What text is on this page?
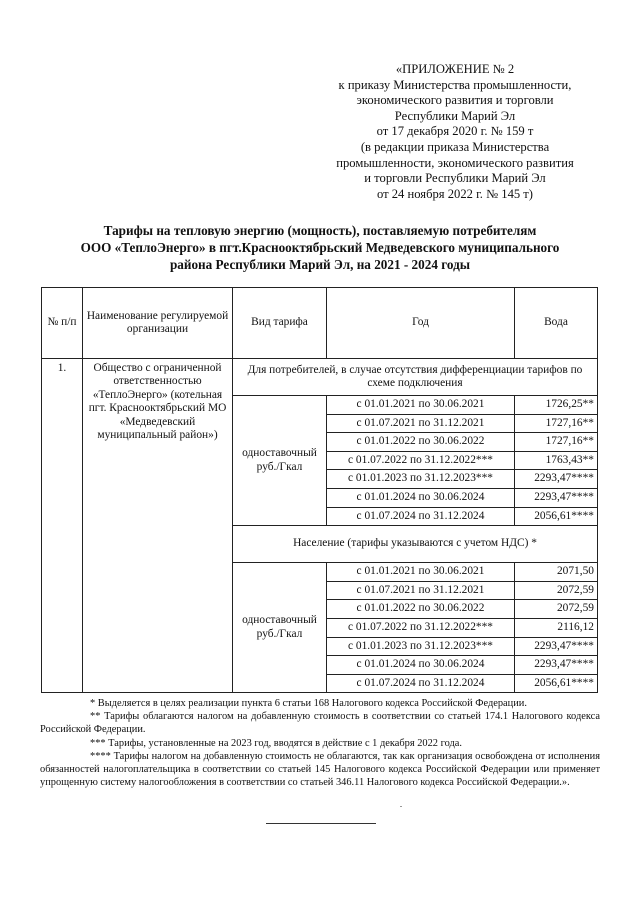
«ПРИЛОЖЕНИЕ № 2
к приказу Министерства промышленности,
экономического развития и торговли
Республики Марий Эл
от 17 декабря 2020 г. № 159 т
(в редакции приказа Министерства
промышленности, экономического развития
и торговли Республики Марий Эл
от 24 ноября 2022 г. № 145 т)
Тарифы на тепловую энергию (мощность), поставляемую потребителям
ООО «ТеплоЭнерго» в пгт.Красноoктябрьский Медведевского муниципального
района Республики Марий Эл, на 2021 - 2024 годы
№ п/п	Наименование регулируемой организации	Вид тарифа	Год	Вода
1.	Общество с ограниченной ответственностью «ТеплоЭнерго» (котельная пгт. Красноoктябрьский МО «Медведевский муниципальный район»)	Для потребителей, в случае отсутствия дифференциации тарифов по схеме подключения		
		одноставочный руб./Гкал	с 01.01.2021 по 30.06.2021	1726,25**
			с 01.07.2021 по 31.12.2021	1727,16**
			с 01.01.2022 по 30.06.2022	1727,16**
			с 01.07.2022 по 31.12.2022***	1763,43**
			с 01.01.2023 по 31.12.2023***	2293,47****
			с 01.01.2024 по 30.06.2024	2293,47****
			с 01.07.2024 по 31.12.2024	2056,61****
		Население (тарифы указываются с учетом НДС) *		
		одноставочный руб./Гкал	с 01.01.2021 по 30.06.2021	2071,50
			с 01.07.2021 по 31.12.2021	2072,59
			с 01.01.2022 по 30.06.2022	2072,59
			с 01.07.2022 по 31.12.2022***	2116,12
			с 01.01.2023 по 31.12.2023***	2293,47****
			с 01.01.2024 по 30.06.2024	2293,47****
			с 01.07.2024 по 31.12.2024	2056,61****

* Выделяется в целях реализации пункта 6 статьи 168 Налогового кодекса Российской Федерации.

** Тарифы облагаются налогом на добавленную стоимость в соответствии со статьей 174.1 Налогового кодекса Российской Федерации.

*** Тарифы, установленные на 2023 год, вводятся в действие с 1 декабря 2022 года.

**** Тарифы налогом на добавленную стоимость не облагаются, так как организация освобождена от исполнения обязанностей налогоплательщика в соответствии со статьей 145 Налогового кодекса Российской Федерации или применяет упрощенную систему налогообложения в соответствии со статьей 346.11 Налогового кодекса Российской Федерации.».
